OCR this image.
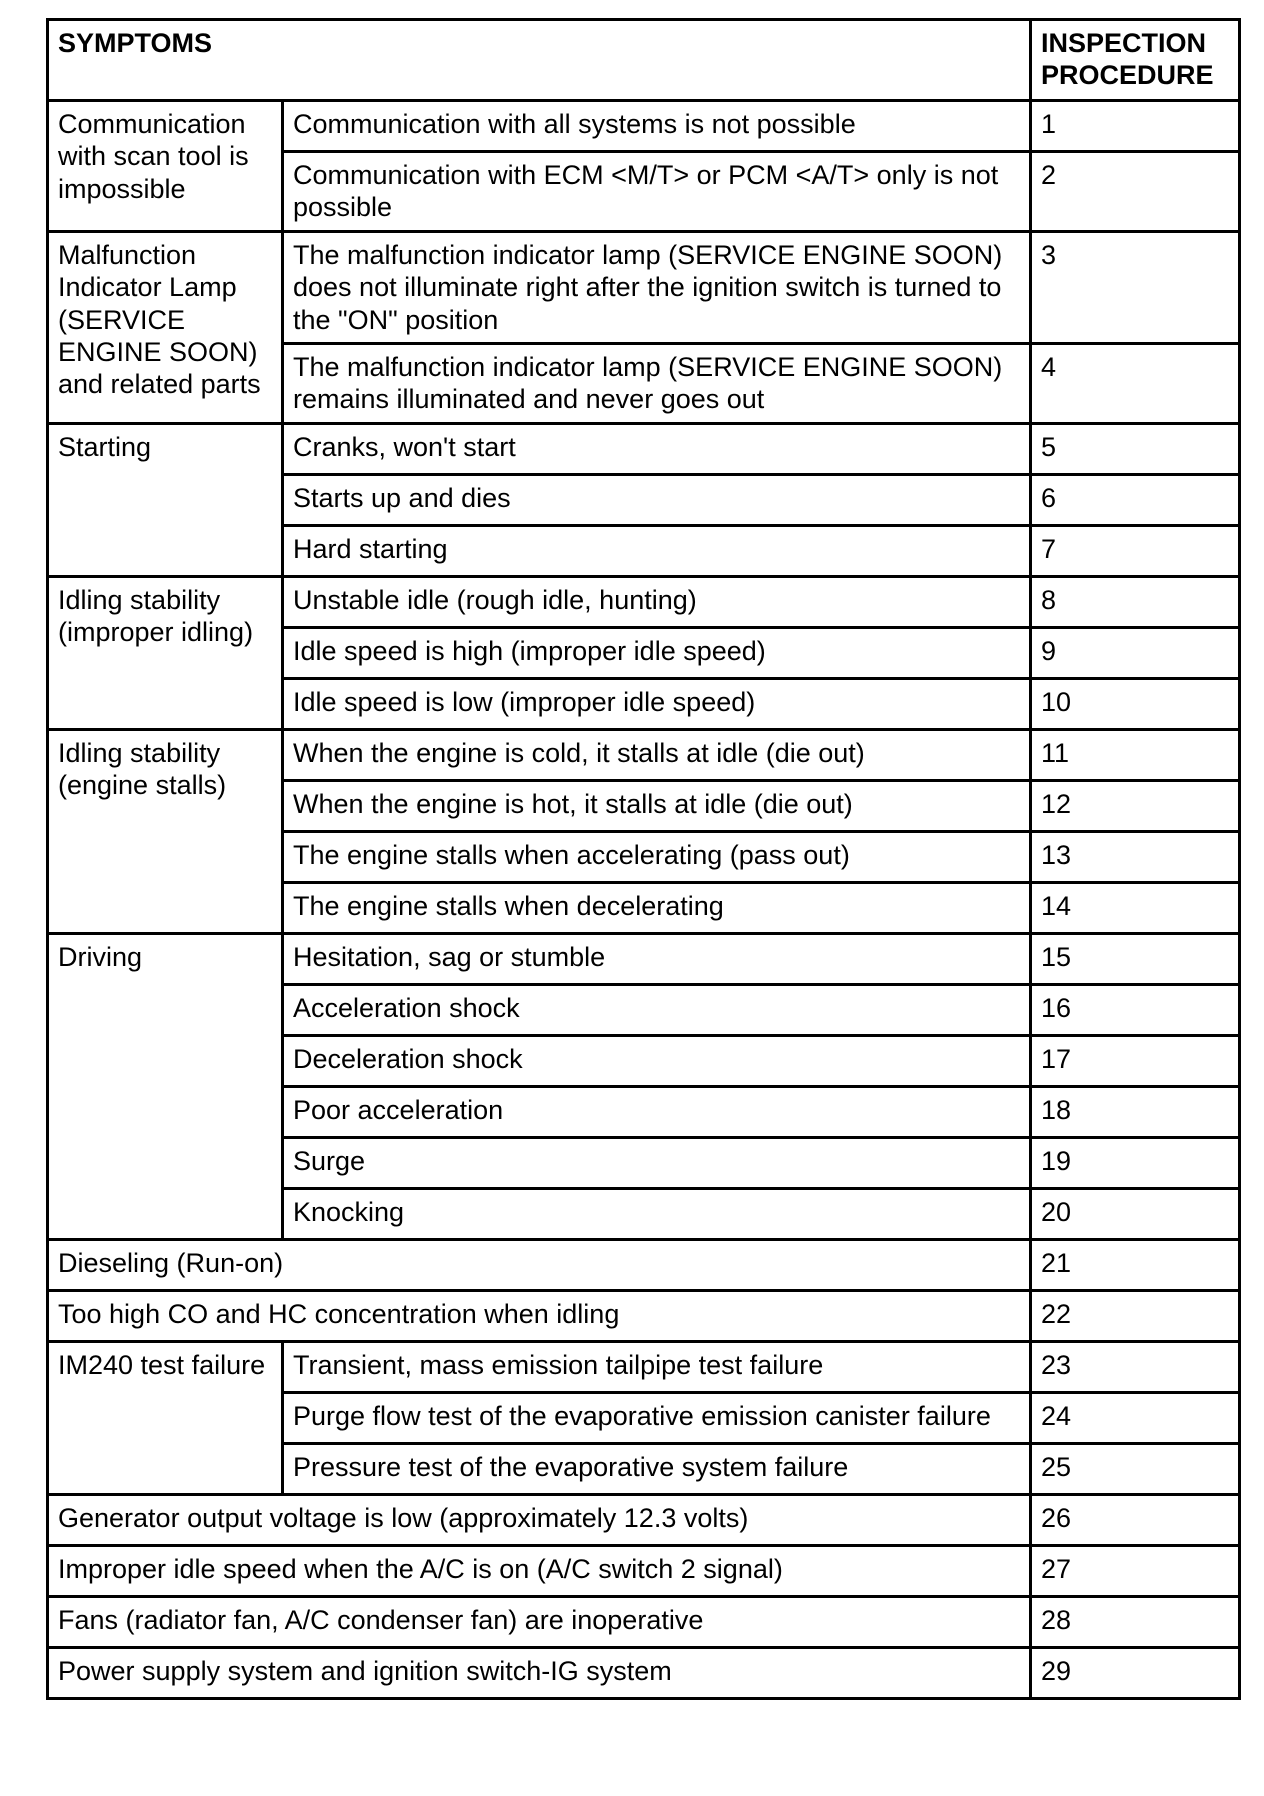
SYMPTOMS		INSPECTION PROCEDURE
Communication with scan tool is impossible	Communication with all systems is not possible	1
	Communication with ECM <M/T> or PCM <A/T> only is not possible	2
Malfunction Indicator Lamp (SERVICE ENGINE SOON) and related parts	The malfunction indicator lamp (SERVICE ENGINE SOON) does not illuminate right after the ignition switch is turned to the "ON" position	3
	The malfunction indicator lamp (SERVICE ENGINE SOON) remains illuminated and never goes out	4
Starting	Cranks, won't start	5
	Starts up and dies	6
	Hard starting	7
Idling stability (improper idling)	Unstable idle (rough idle, hunting)	8
	Idle speed is high (improper idle speed)	9
	Idle speed is low (improper idle speed)	10
Idling stability (engine stalls)	When the engine is cold, it stalls at idle (die out)	11
	When the engine is hot, it stalls at idle (die out)	12
	The engine stalls when accelerating (pass out)	13
	The engine stalls when decelerating	14
Driving	Hesitation, sag or stumble	15
	Acceleration shock	16
	Deceleration shock	17
	Poor acceleration	18
	Surge	19
	Knocking	20
Dieseling (Run-on)		21
Too high CO and HC concentration when idling		22
IM240 test failure	Transient, mass emission tailpipe test failure	23
	Purge flow test of the evaporative emission canister failure	24
	Pressure test of the evaporative system failure	25
Generator output voltage is low (approximately 12.3 volts)		26
Improper idle speed when the A/C is on (A/C switch 2 signal)		27
Fans (radiator fan, A/C condenser fan) are inoperative		28
Power supply system and ignition switch-IG system		29
